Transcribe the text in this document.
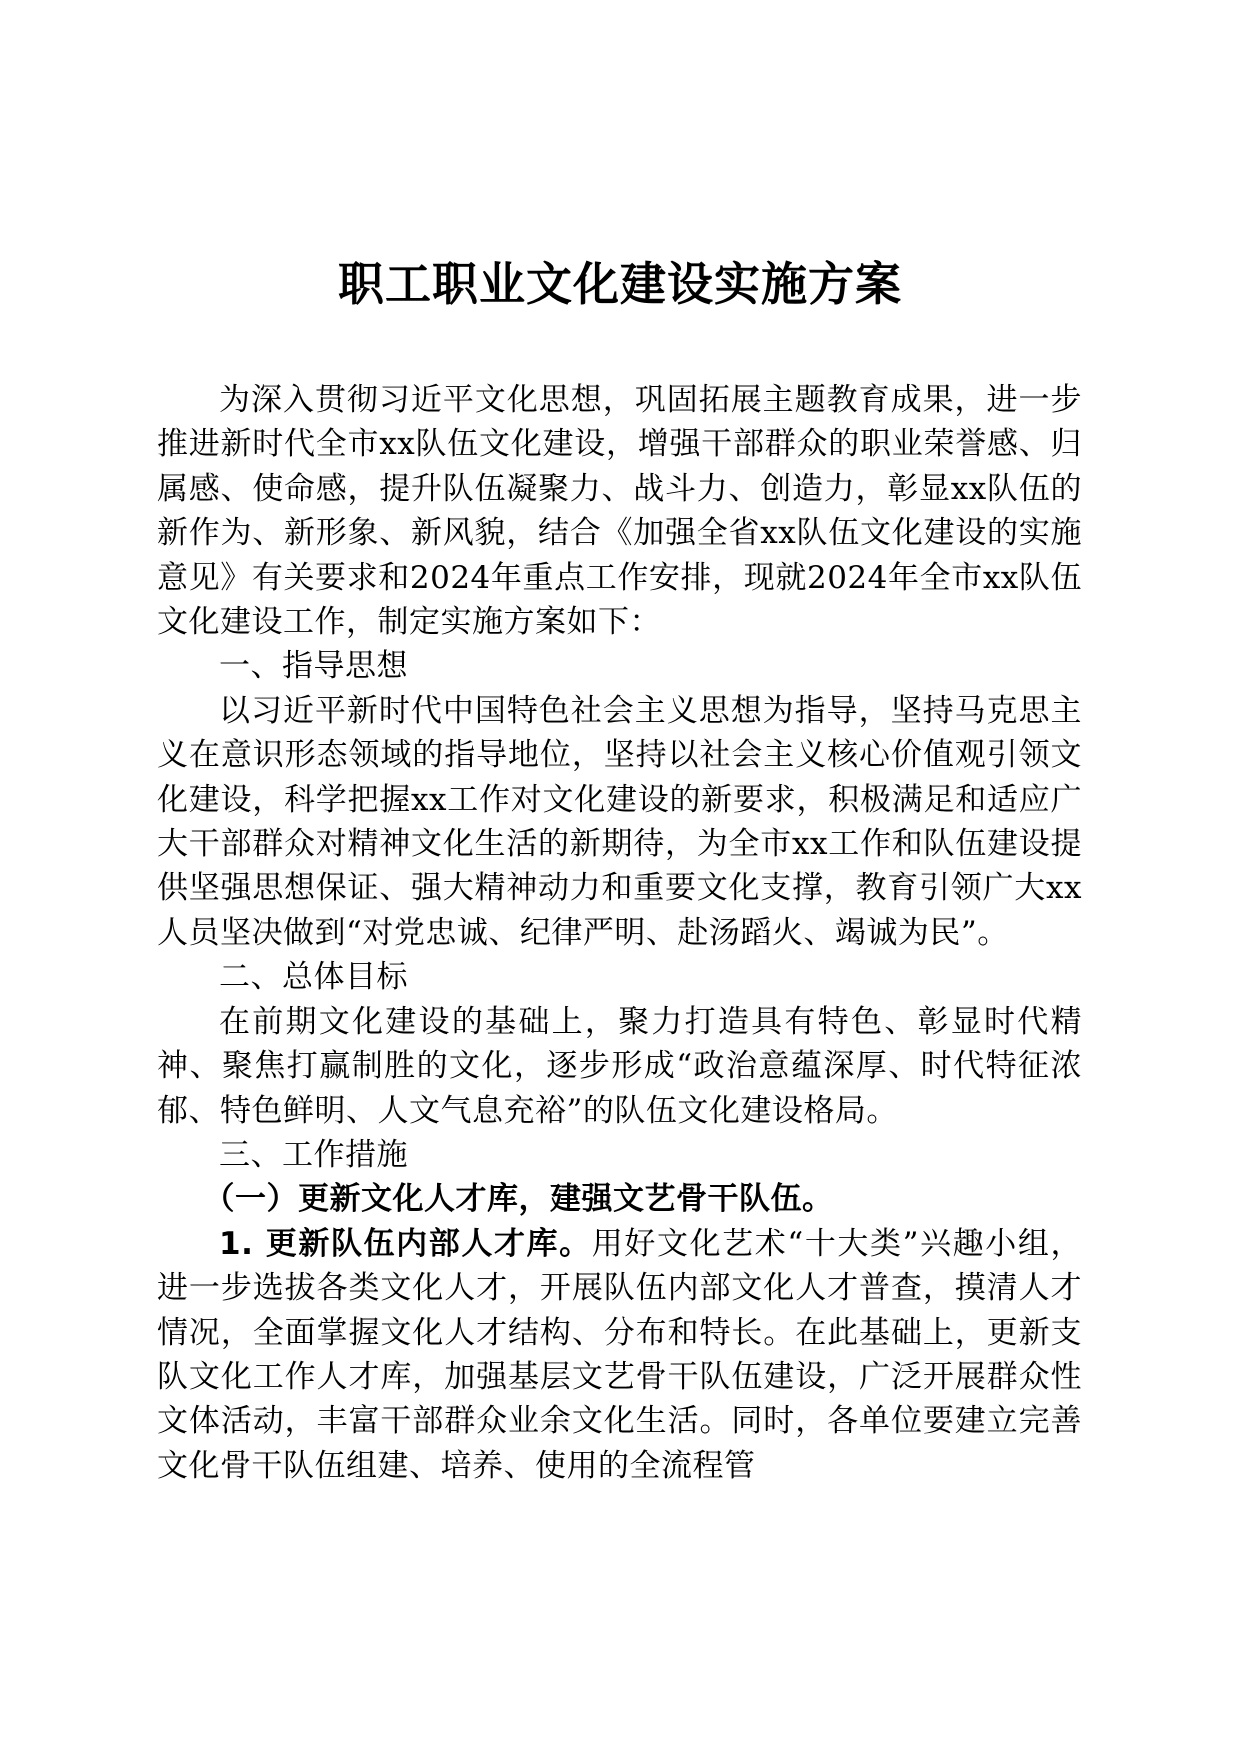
职工职业文化建设实施方案

为深入贯彻习近平文化思想，巩固拓展主题教育成果，进一步推进新时代全市xx队伍文化建设，增强干部群众的职业荣誉感、归属感、使命感，提升队伍凝聚力、战斗力、创造力，彰显xx队伍的新作为、新形象、新风貌，结合《加强全省xx队伍文化建设的实施意见》有关要求和2024年重点工作安排，现就2024年全市xx队伍文化建设工作，制定实施方案如下：

一、指导思想

以习近平新时代中国特色社会主义思想为指导，坚持马克思主义在意识形态领域的指导地位，坚持以社会主义核心价值观引领文化建设，科学把握xx工作对文化建设的新要求，积极满足和适应广大干部群众对精神文化生活的新期待，为全市xx工作和队伍建设提供坚强思想保证、强大精神动力和重要文化支撑，教育引领广大xx人员坚决做到“对党忠诚、纪律严明、赴汤蹈火、竭诚为民”。

二、总体目标

在前期文化建设的基础上，聚力打造具有特色、彰显时代精神、聚焦打赢制胜的文化，逐步形成“政治意蕴深厚、时代特征浓郁、特色鲜明、人文气息充裕”的队伍文化建设格局。

三、工作措施

（一）更新文化人才库，建强文艺骨干队伍。

1. 更新队伍内部人才库。用好文化艺术“十大类”兴趣小组，进一步选拔各类文化人才，开展队伍内部文化人才普查，摸清人才情况，全面掌握文化人才结构、分布和特长。在此基础上，更新支队文化工作人才库，加强基层文艺骨干队伍建设，广泛开展群众性文体活动，丰富干部群众业余文化生活。同时，各单位要建立完善文化骨干队伍组建、培养、使用的全流程管
